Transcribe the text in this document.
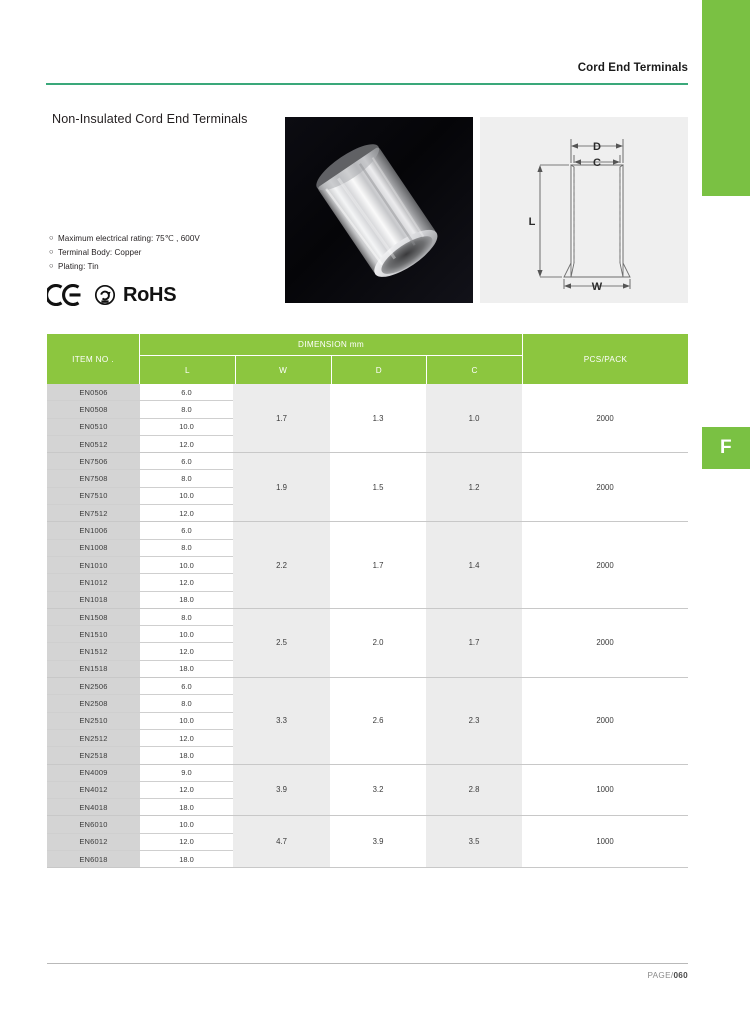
F
Cord End Terminals
Non-Insulated Cord End Terminals
○ Maximum electrical rating: 75℃ , 600V
○ Terminal Body: Copper
○ Plating: Tin
RoHS
D
C
L
W
ITEM NO .
DIMENSION mm
L	W	D	C
PCS/PACK
EN0506	6.0
EN0508	8.0
EN0510	10.0
EN0512	12.0
1.7	1.3	1.0	2000
EN7506	6.0
EN7508	8.0
EN7510	10.0
EN7512	12.0
1.9	1.5	1.2	2000
EN1006	6.0
EN1008	8.0
EN1010	10.0
EN1012	12.0
EN1018	18.0
2.2	1.7	1.4	2000
EN1508	8.0
EN1510	10.0
EN1512	12.0
EN1518	18.0
2.5	2.0	1.7	2000
EN2506	6.0
EN2508	8.0
EN2510	10.0
EN2512	12.0
EN2518	18.0
3.3	2.6	2.3	2000
EN4009	9.0
EN4012	12.0
EN4018	18.0
3.9	3.2	2.8	1000
EN6010	10.0
EN6012	12.0
EN6018	18.0
4.7	3.9	3.5	1000
PAGE/060
